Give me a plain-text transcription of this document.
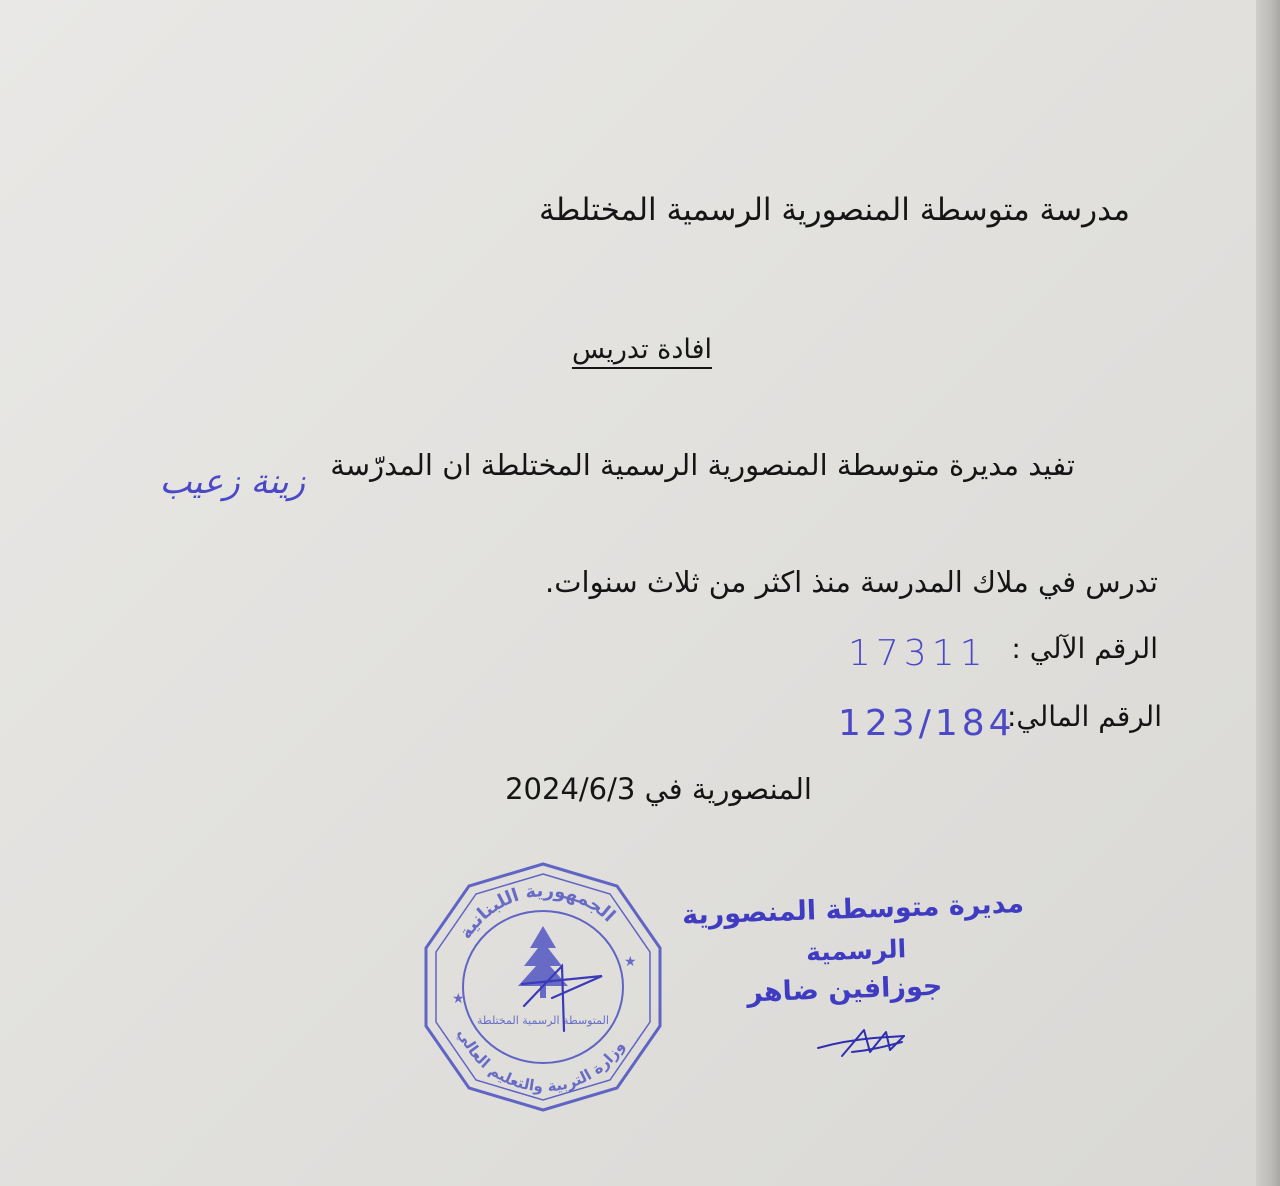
مدرسة متوسطة المنصورية الرسمية المختلطة
افادة تدريس
تفيد مديرة متوسطة المنصورية الرسمية المختلطة ان المدرّسة
زينة زعيب
تدرس في ملاك المدرسة منذ اكثر من ثلاث سنوات.
الرقم الآلي :
17311
الرقم المالي:
123/184
المنصورية في 2024/6/3
الجمهورية اللبنانية
وزارة التربية والتعليم العالي
★
★
المتوسطة الرسمية المختلطة
مديرة متوسطة المنصورية
الرسمية
جوزافين ضاهر
